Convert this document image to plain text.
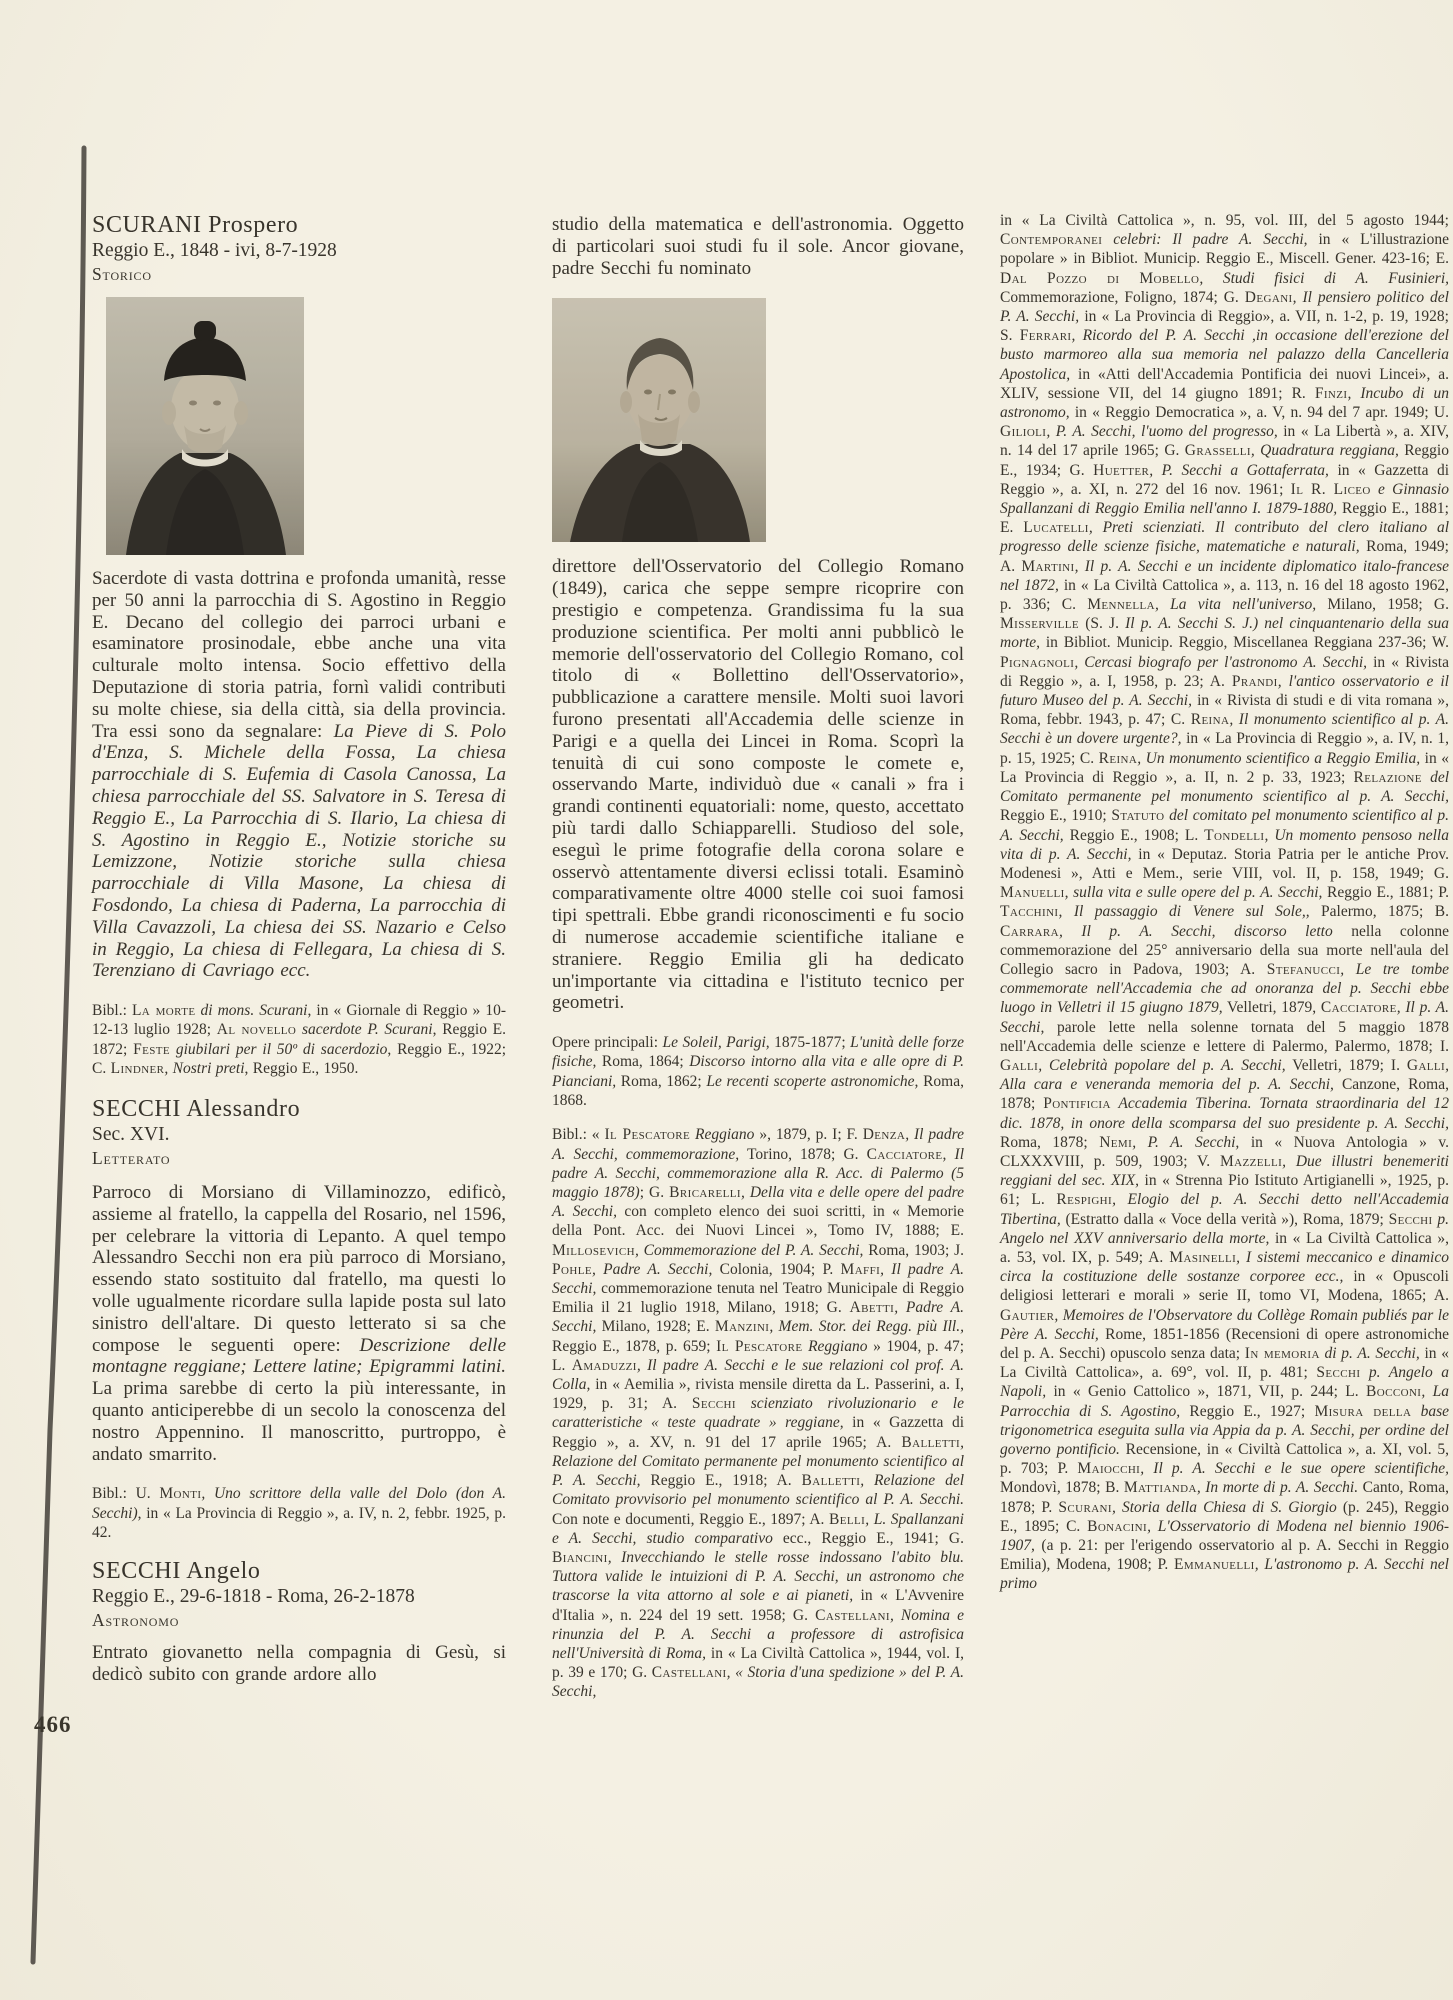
SCURANI Prospero
Reggio E., 1848 - ivi, 8-7-1928
Storico

Sacerdote di vasta dottrina e profonda umanità, resse per 50 anni la parrocchia di S. Agostino in Reggio E. Decano del collegio dei parroci urbani e esaminatore prosinodale, ebbe anche una vita culturale molto intensa. Socio effettivo della Deputazione di storia patria, fornì validi contributi su molte chiese, sia della città, sia della provincia. Tra essi sono da segnalare: La Pieve di S. Polo d'Enza, S. Michele della Fossa, La chiesa parrocchiale di S. Eufemia di Casola Canossa, La chiesa parrocchiale del SS. Salvatore in S. Teresa di Reggio E., La Parrocchia di S. Ilario, La chiesa di S. Agostino in Reggio E., Notizie storiche su Lemizzone, Notizie storiche sulla chiesa parrocchiale di Villa Masone, La chiesa di Fosdondo, La chiesa di Paderna, La parrocchia di Villa Cavazzoli, La chiesa dei SS. Nazario e Celso in Reggio, La chiesa di Fellegara, La chiesa di S. Terenziano di Cavriago ecc.

Bibl.: La morte di mons. Scurani, in « Giornale di Reggio » 10-12-13 luglio 1928; Al novello sacerdote P. Scurani, Reggio E. 1872; Feste giubilari per il 50º di sacerdozio, Reggio E., 1922; C. Lindner, Nostri preti, Reggio E., 1950.

SECCHI Alessandro
Sec. XVI.
Letterato

Parroco di Morsiano di Villaminozzo, edificò, assieme al fratello, la cappella del Rosario, nel 1596, per celebrare la vittoria di Lepanto. A quel tempo Alessandro Secchi non era più parroco di Morsiano, essendo stato sostituito dal fratello, ma questi lo volle ugualmente ricordare sulla lapide posta sul lato sinistro dell'altare. Di questo letterato si sa che compose le seguenti opere: Descrizione delle montagne reggiane; Lettere latine; Epigrammi latini. La prima sarebbe di certo la più interessante, in quanto anticiperebbe di un secolo la conoscenza del nostro Appennino. Il manoscritto, purtroppo, è andato smarrito.

Bibl.: U. Monti, Uno scrittore della valle del Dolo (don A. Secchi), in « La Provincia di Reggio », a. IV, n. 2, febbr. 1925, p. 42.

SECCHI Angelo
Reggio E., 29-6-1818 - Roma, 26-2-1878
Astronomo

Entrato giovanetto nella compagnia di Gesù, si dedicò subito con grande ardore allo

studio della matematica e dell'astronomia. Oggetto di particolari suoi studi fu il sole. Ancor giovane, padre Secchi fu nominato

direttore dell'Osservatorio del Collegio Romano (1849), carica che seppe sempre ricoprire con prestigio e competenza. Grandissima fu la sua produzione scientifica. Per molti anni pubblicò le memorie dell'osservatorio del Collegio Romano, col titolo di « Bollettino dell'Osservatorio», pubblicazione a carattere mensile. Molti suoi lavori furono presentati all'Accademia delle scienze in Parigi e a quella dei Lincei in Roma. Scoprì la tenuità di cui sono composte le comete e, osservando Marte, individuò due « canali » fra i grandi continenti equatoriali: nome, questo, accettato più tardi dallo Schiapparelli. Studioso del sole, eseguì le prime fotografie della corona solare e osservò attentamente diversi eclissi totali. Esaminò comparativamente oltre 4000 stelle coi suoi famosi tipi spettrali. Ebbe grandi riconoscimenti e fu socio di numerose accademie scientifiche italiane e straniere. Reggio Emilia gli ha dedicato un'importante via cittadina e l'istituto tecnico per geometri.

Opere principali: Le Soleil, Parigi, 1875-1877; L'unità delle forze fisiche, Roma, 1864; Discorso intorno alla vita e alle opre di P. Pianciani, Roma, 1862; Le recenti scoperte astronomiche, Roma, 1868.

Bibl.: « Il Pescatore Reggiano », 1879, p. I; F. Denza, Il padre A. Secchi, commemorazione, Torino, 1878; G. Cacciatore, Il padre A. Secchi, commemorazione alla R. Acc. di Palermo (5 maggio 1878); G. Bricarelli, Della vita e delle opere del padre A. Secchi, con completo elenco dei suoi scritti, in « Memorie della Pont. Acc. dei Nuovi Lincei », Tomo IV, 1888; E. Millosevich, Commemorazione del P. A. Secchi, Roma, 1903; J. Pohle, Padre A. Secchi, Colonia, 1904; P. Maffi, Il padre A. Secchi, commemorazione tenuta nel Teatro Municipale di Reggio Emilia il 21 luglio 1918, Milano, 1918; G. Abetti, Padre A. Secchi, Milano, 1928; E. Manzini, Mem. Stor. dei Regg. più Ill., Reggio E., 1878, p. 659; Il Pescatore Reggiano » 1904, p. 47; L. Amaduzzi, Il padre A. Secchi e le sue relazioni col prof. A. Colla, in « Aemilia », rivista mensile diretta da L. Passerini, a. I, 1929, p. 31; A. Secchi scienziato rivoluzionario e le caratteristiche « teste quadrate » reggiane, in « Gazzetta di Reggio », a. XV, n. 91 del 17 aprile 1965; A. Balletti, Relazione del Comitato permanente pel monumento scientifico al P. A. Secchi, Reggio E., 1918; A. Balletti, Relazione del Comitato provvisorio pel monumento scientifico al P. A. Secchi. Con note e documenti, Reggio E., 1897; A. Belli, L. Spallanzani e A. Secchi, studio comparativo ecc., Reggio E., 1941; G. Biancini, Invecchiando le stelle rosse indossano l'abito blu. Tuttora valide le intuizioni di P. A. Secchi, un astronomo che trascorse la vita attorno al sole e ai pianeti, in « L'Avvenire d'Italia », n. 224 del 19 sett. 1958; G. Castellani, Nomina e rinunzia del P. A. Secchi a professore di astrofisica nell'Università di Roma, in « La Civiltà Cattolica », 1944, vol. I, p. 39 e 170; G. Castellani, « Storia d'una spedizione » del P. A. Secchi,

in « La Civiltà Cattolica », n. 95, vol. III, del 5 agosto 1944; Contemporanei celebri: Il padre A. Secchi, in « L'illustrazione popolare » in Bibliot. Municip. Reggio E., Miscell. Gener. 423-16; E. Dal Pozzo di Mobello, Studi fisici di A. Fusinieri, Commemorazione, Foligno, 1874; G. Degani, Il pensiero politico del P. A. Secchi, in « La Provincia di Reggio», a. VII, n. 1-2, p. 19, 1928; S. Ferrari, Ricordo del P. A. Secchi ,in occasione dell'erezione del busto marmoreo alla sua memoria nel palazzo della Cancelleria Apostolica, in «Atti dell'Accademia Pontificia dei nuovi Lincei», a. XLIV, sessione VII, del 14 giugno 1891; R. Finzi, Incubo di un astronomo, in « Reggio Democratica », a. V, n. 94 del 7 apr. 1949; U. Gilioli, P. A. Secchi, l'uomo del progresso, in « La Libertà », a. XIV, n. 14 del 17 aprile 1965; G. Grasselli, Quadratura reggiana, Reggio E., 1934; G. Huetter, P. Secchi a Gottaferrata, in « Gazzetta di Reggio », a. XI, n. 272 del 16 nov. 1961; Il R. Liceo e Ginnasio Spallanzani di Reggio Emilia nell'anno I. 1879-1880, Reggio E., 1881; E. Lucatelli, Preti scienziati. Il contributo del clero italiano al progresso delle scienze fisiche, matematiche e naturali, Roma, 1949; A. Martini, Il p. A. Secchi e un incidente diplomatico italo-francese nel 1872, in « La Civiltà Cattolica », a. 113, n. 16 del 18 agosto 1962, p. 336; C. Mennella, La vita nell'universo, Milano, 1958; G. Misserville (S. J. Il p. A. Secchi S. J.) nel cinquantenario della sua morte, in Bibliot. Municip. Reggio, Miscellanea Reggiana 237-36; W. Pignagnoli, Cercasi biografo per l'astronomo A. Secchi, in « Rivista di Reggio », a. I, 1958, p. 23; A. Prandi, l'antico osservatorio e il futuro Museo del p. A. Secchi, in « Rivista di studi e di vita romana », Roma, febbr. 1943, p. 47; C. Reina, Il monumento scientifico al p. A. Secchi è un dovere urgente?, in « La Provincia di Reggio », a. IV, n. 1, p. 15, 1925; C. Reina, Un monumento scientifico a Reggio Emilia, in « La Provincia di Reggio », a. II, n. 2 p. 33, 1923; Relazione del Comitato permanente pel monumento scientifico al p. A. Secchi, Reggio E., 1910; Statuto del comitato pel monumento scientifico al p. A. Secchi, Reggio E., 1908; L. Tondelli, Un momento pensoso nella vita di p. A. Secchi, in « Deputaz. Storia Patria per le antiche Prov. Modenesi », Atti e Mem., serie VIII, vol. II, p. 158, 1949; G. Manuelli, sulla vita e sulle opere del p. A. Secchi, Reggio E., 1881; P. Tacchini, Il passaggio di Venere sul Sole,, Palermo, 1875; B. Carrara, Il p. A. Secchi, discorso letto nella colonne commemorazione del 25° anniversario della sua morte nell'aula del Collegio sacro in Padova, 1903; A. Stefanucci, Le tre tombe commemorate nell'Accademia che ad onoranza del p. Secchi ebbe luogo in Velletri il 15 giugno 1879, Velletri, 1879, Cacciatore, Il p. A. Secchi, parole lette nella solenne tornata del 5 maggio 1878 nell'Accademia delle scienze e lettere di Palermo, Palermo, 1878; I. Galli, Celebrità popolare del p. A. Secchi, Velletri, 1879; I. Galli, Alla cara e veneranda memoria del p. A. Secchi, Canzone, Roma, 1878; Pontificia Accademia Tiberina. Tornata straordinaria del 12 dic. 1878, in onore della scomparsa del suo presidente p. A. Secchi, Roma, 1878; Nemi, P. A. Secchi, in « Nuova Antologia » v. CLXXXVIII, p. 509, 1903; V. Mazzelli, Due illustri benemeriti reggiani del sec. XIX, in « Strenna Pio Istituto Artigianelli », 1925, p. 61; L. Respighi, Elogio del p. A. Secchi detto nell'Accademia Tibertina, (Estratto dalla « Voce della verità »), Roma, 1879; Secchi p. Angelo nel XXV anniversario della morte, in « La Civiltà Cattolica », a. 53, vol. IX, p. 549; A. Masinelli, I sistemi meccanico e dinamico circa la costituzione delle sostanze corporee ecc., in « Opuscoli deligiosi letterari e morali » serie II, tomo VI, Modena, 1865; A. Gautier, Memoires de l'Observatore du Collège Romain publiés par le Père A. Secchi, Rome, 1851-1856 (Recensioni di opere astronomiche del p. A. Secchi) opuscolo senza data; In memoria di p. A. Secchi, in « La Civiltà Cattolica», a. 69°, vol. II, p. 481; Secchi p. Angelo a Napoli, in « Genio Cattolico », 1871, VII, p. 244; L. Bocconi, La Parrocchia di S. Agostino, Reggio E., 1927; Misura della base trigonometrica eseguita sulla via Appia da p. A. Secchi, per ordine del governo pontificio. Recensione, in « Civiltà Cattolica », a. XI, vol. 5, p. 703; P. Maiocchi, Il p. A. Secchi e le sue opere scientifiche, Mondovì, 1878; B. Mattianda, In morte di p. A. Secchi. Canto, Roma, 1878; P. Scurani, Storia della Chiesa di S. Giorgio (p. 245), Reggio E., 1895; C. Bonacini, L'Osservatorio di Modena nel biennio 1906-1907, (a p. 21: per l'erigendo osservatorio al p. A. Secchi in Reggio Emilia), Modena, 1908; P. Emmanuelli, L'astronomo p. A. Secchi nel primo

466
